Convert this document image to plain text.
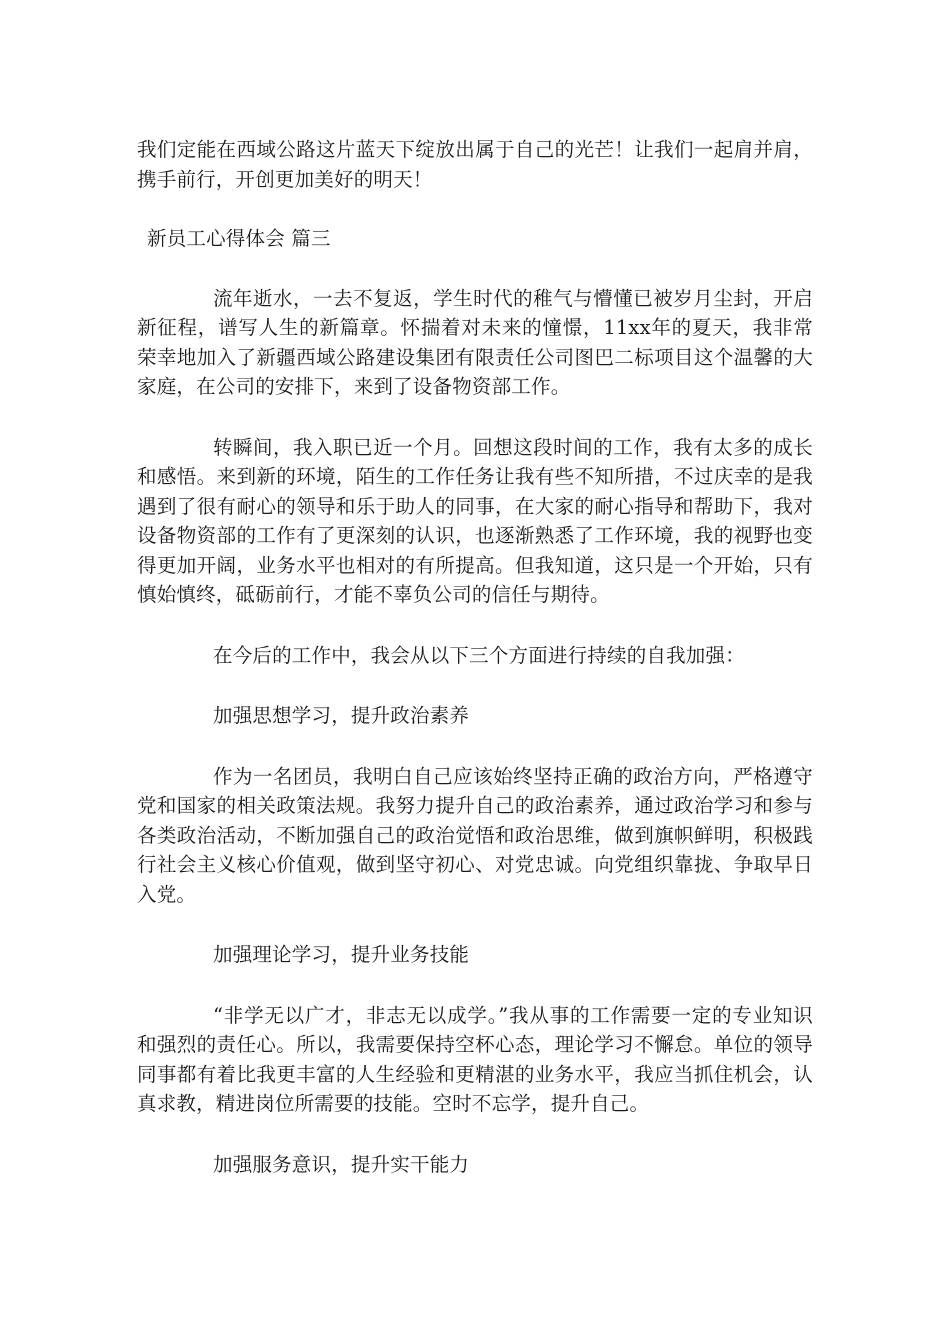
我们定能在西域公路这片蓝天下绽放出属于自己的光芒！让我们一起肩并肩，携手前行，开创更加美好的明天！

新员工心得体会 篇三

流年逝水，一去不复返，学生时代的稚气与懵懂已被岁月尘封，开启新征程，谱写人生的新篇章。怀揣着对未来的憧憬，11xx年的夏天，我非常荣幸地加入了新疆西域公路建设集团有限责任公司图巴二标项目这个温馨的大家庭，在公司的安排下，来到了设备物资部工作。

转瞬间，我入职已近一个月。回想这段时间的工作，我有太多的成长和感悟。来到新的环境，陌生的工作任务让我有些不知所措，不过庆幸的是我遇到了很有耐心的领导和乐于助人的同事，在大家的耐心指导和帮助下，我对设备物资部的工作有了更深刻的认识，也逐渐熟悉了工作环境，我的视野也变得更加开阔，业务水平也相对的有所提高。但我知道，这只是一个开始，只有慎始慎终，砥砺前行，才能不辜负公司的信任与期待。

在今后的工作中，我会从以下三个方面进行持续的自我加强：

加强思想学习，提升政治素养

作为一名团员，我明白自己应该始终坚持正确的政治方向，严格遵守党和国家的相关政策法规。我努力提升自己的政治素养，通过政治学习和参与各类政治活动，不断加强自己的政治觉悟和政治思维，做到旗帜鲜明，积极践行社会主义核心价值观，做到坚守初心、对党忠诚。向党组织靠拢、争取早日入党。

加强理论学习，提升业务技能

“非学无以广才，非志无以成学。”我从事的工作需要一定的专业知识和强烈的责任心。所以，我需要保持空杯心态，理论学习不懈怠。单位的领导同事都有着比我更丰富的人生经验和更精湛的业务水平，我应当抓住机会，认真求教，精进岗位所需要的技能。空时不忘学，提升自己。

加强服务意识，提升实干能力
